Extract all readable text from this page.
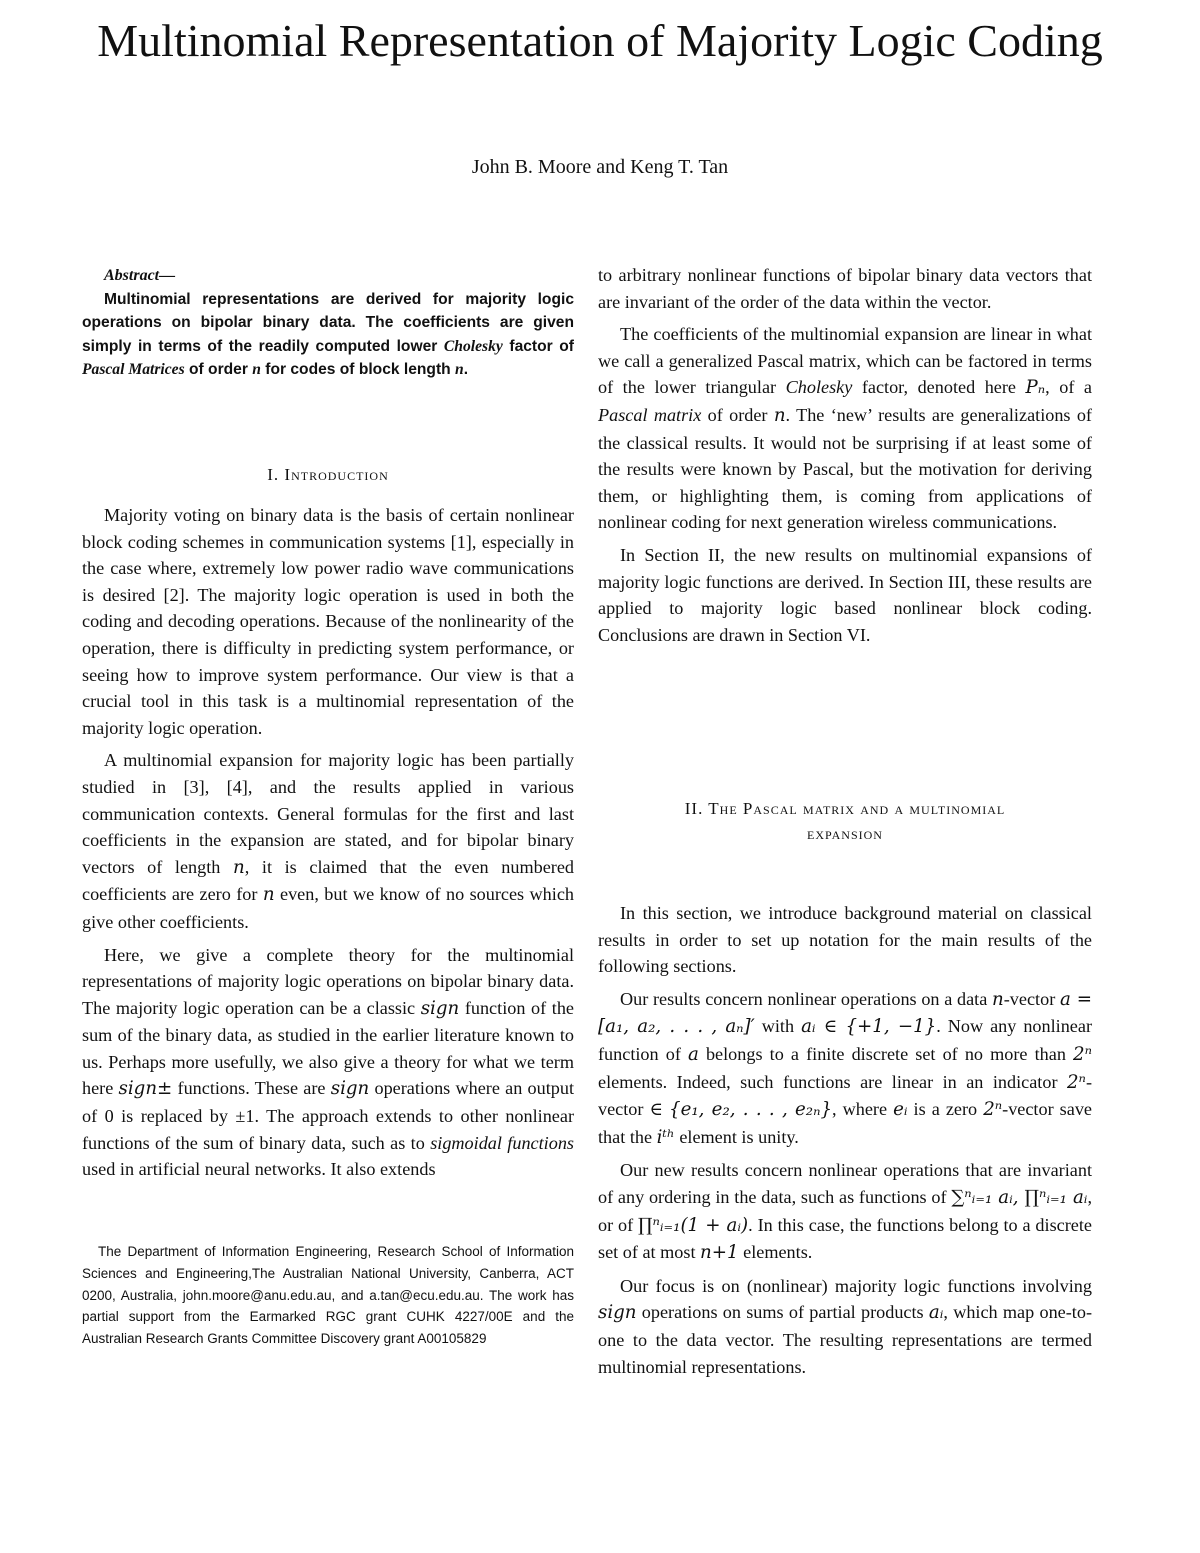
Multinomial Representation of Majority Logic Coding
John B. Moore and Keng T. Tan
Abstract—
Multinomial representations are derived for majority logic operations on bipolar binary data. The coefficients are given simply in terms of the readily computed lower Cholesky factor of Pascal Matrices of order n for codes of block length n.
I. Introduction

Majority voting on binary data is the basis of certain nonlinear block coding schemes in communication systems [1], especially in the case where, extremely low power radio wave communications is desired [2]. The majority logic operation is used in both the coding and decoding operations. Because of the nonlinearity of the operation, there is difficulty in predicting system performance, or seeing how to improve system performance. Our view is that a crucial tool in this task is a multinomial representation of the majority logic operation.

A multinomial expansion for majority logic has been partially studied in [3], [4], and the results applied in various communication contexts. General formulas for the first and last coefficients in the expansion are stated, and for bipolar binary vectors of length n, it is claimed that the even numbered coefficients are zero for n even, but we know of no sources which give other coefficients.

Here, we give a complete theory for the multinomial representations of majority logic operations on bipolar binary data. The majority logic operation can be a classic sign function of the sum of the binary data, as studied in the earlier literature known to us. Perhaps more usefully, we also give a theory for what we term here sign± functions. These are sign operations where an output of 0 is replaced by ±1. The approach extends to other nonlinear functions of the sum of binary data, such as to sigmoidal functions used in artificial neural networks. It also extends

The Department of Information Engineering, Research School of Information Sciences and Engineering,The Australian National University, Canberra, ACT 0200, Australia, john.moore@anu.edu.au, and a.tan@ecu.edu.au. The work has partial support from the Earmarked RGC grant CUHK 4227/00E and the Australian Research Grants Committee Discovery grant A00105829

to arbitrary nonlinear functions of bipolar binary data vectors that are invariant of the order of the data within the vector.

The coefficients of the multinomial expansion are linear in what we call a generalized Pascal matrix, which can be factored in terms of the lower triangular Cholesky factor, denoted here Pₙ, of a Pascal matrix of order n. The ‘new’ results are generalizations of the classical results. It would not be surprising if at least some of the results were known by Pascal, but the motivation for deriving them, or highlighting them, is coming from applications of nonlinear coding for next generation wireless communications.

In Section II, the new results on multinomial expansions of majority logic functions are derived. In Section III, these results are applied to majority logic based nonlinear block coding. Conclusions are drawn in Section VI.

II. The Pascal matrix and a multinomial
expansion

In this section, we introduce background material on classical results in order to set up notation for the main results of the following sections.

Our results concern nonlinear operations on a data n-vector a = [a₁, a₂, . . . , aₙ]′ with aᵢ ∈ {+1, −1}. Now any nonlinear function of a belongs to a finite discrete set of no more than 2ⁿ elements. Indeed, such functions are linear in an indicator 2ⁿ-vector ∈ {e₁, e₂, . . . , e₂ₙ}, where eᵢ is a zero 2ⁿ-vector save that the iᵗʰ element is unity.

Our new results concern nonlinear operations that are invariant of any ordering in the data, such as functions of ∑ⁿᵢ₌₁ aᵢ, ∏ⁿᵢ₌₁ aᵢ, or of ∏ⁿᵢ₌₁(1 + aᵢ). In this case, the functions belong to a discrete set of at most n+1 elements.

Our focus is on (nonlinear) majority logic functions involving sign operations on sums of partial products aᵢ, which map one-to-one to the data vector. The resulting representations are termed multinomial representations.
